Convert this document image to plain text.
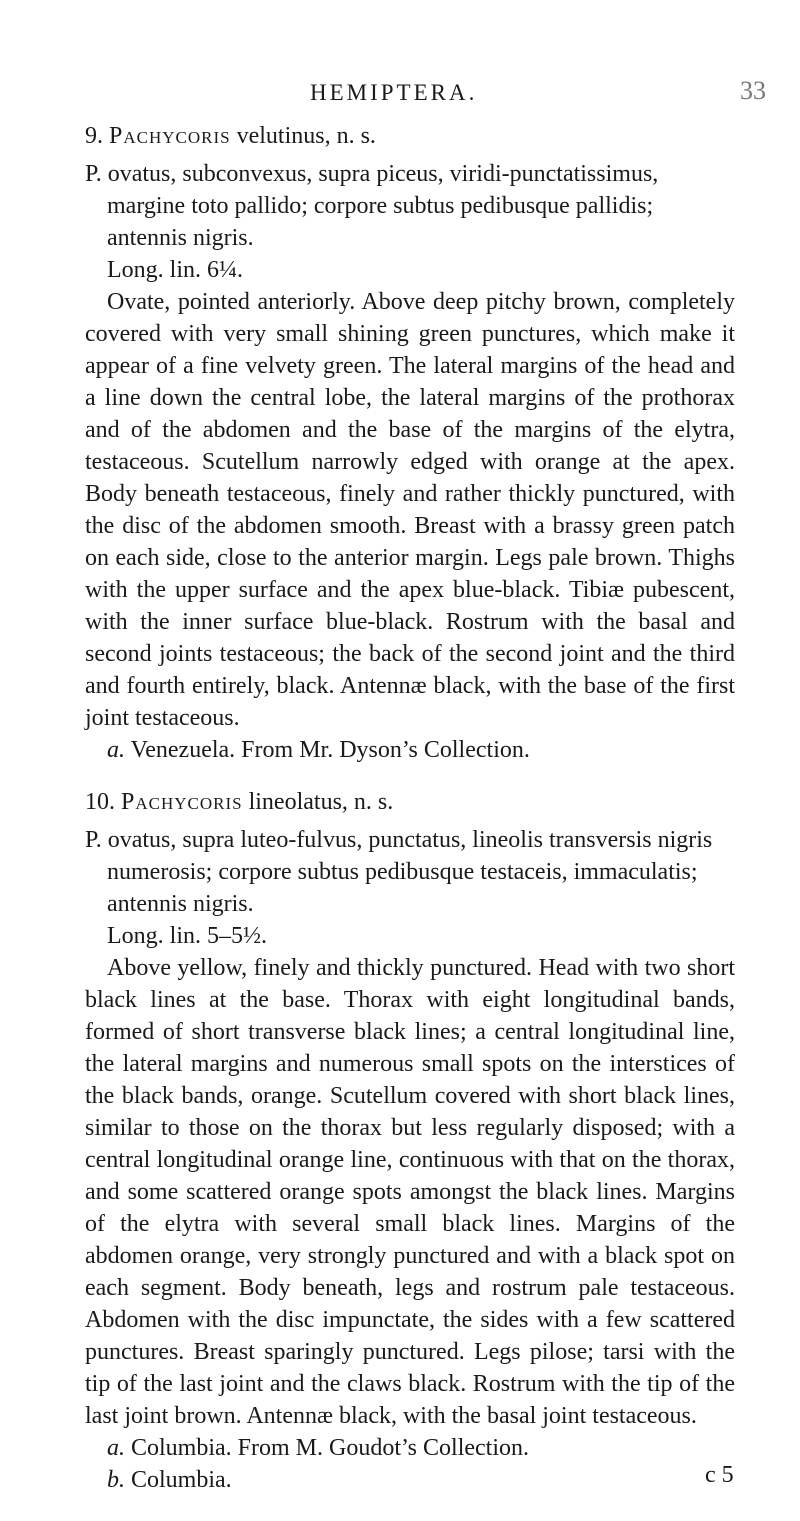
HEMIPTERA.	33

9. Pachycoris velutinus, n. s.

P. ovatus, subconvexus, supra piceus, viridi-punctatissimus, margine toto pallido; corpore subtus pedibusque pallidis; antennis nigris.

Long. lin. 6¼.

Ovate, pointed anteriorly. Above deep pitchy brown, completely covered with very small shining green punctures, which make it appear of a fine velvety green. The lateral margins of the head and a line down the central lobe, the lateral margins of the prothorax and of the abdomen and the base of the margins of the elytra, testaceous. Scutellum narrowly edged with orange at the apex. Body beneath testaceous, finely and rather thickly punctured, with the disc of the abdomen smooth. Breast with a brassy green patch on each side, close to the anterior margin. Legs pale brown. Thighs with the upper surface and the apex blue-black. Tibiæ pubescent, with the inner surface blue-black. Rostrum with the basal and second joints testaceous; the back of the second joint and the third and fourth entirely, black. Antennæ black, with the base of the first joint testaceous.

a. Venezuela. From Mr. Dyson’s Collection.

10. Pachycoris lineolatus, n. s.

P. ovatus, supra luteo-fulvus, punctatus, lineolis transversis nigris numerosis; corpore subtus pedibusque testaceis, immaculatis; antennis nigris.

Long. lin. 5–5½.

Above yellow, finely and thickly punctured. Head with two short black lines at the base. Thorax with eight longitudinal bands, formed of short transverse black lines; a central longitudinal line, the lateral margins and numerous small spots on the interstices of the black bands, orange. Scutellum covered with short black lines, similar to those on the thorax but less regularly disposed; with a central longitudinal orange line, continuous with that on the thorax, and some scattered orange spots amongst the black lines. Margins of the elytra with several small black lines. Margins of the abdomen orange, very strongly punctured and with a black spot on each segment. Body beneath, legs and rostrum pale testaceous. Abdomen with the disc impunctate, the sides with a few scattered punctures. Breast sparingly punctured. Legs pilose; tarsi with the tip of the last joint and the claws black. Rostrum with the tip of the last joint brown. Antennæ black, with the basal joint testaceous.

a. Columbia. From M. Goudot’s Collection.

b. Columbia.	c 5
